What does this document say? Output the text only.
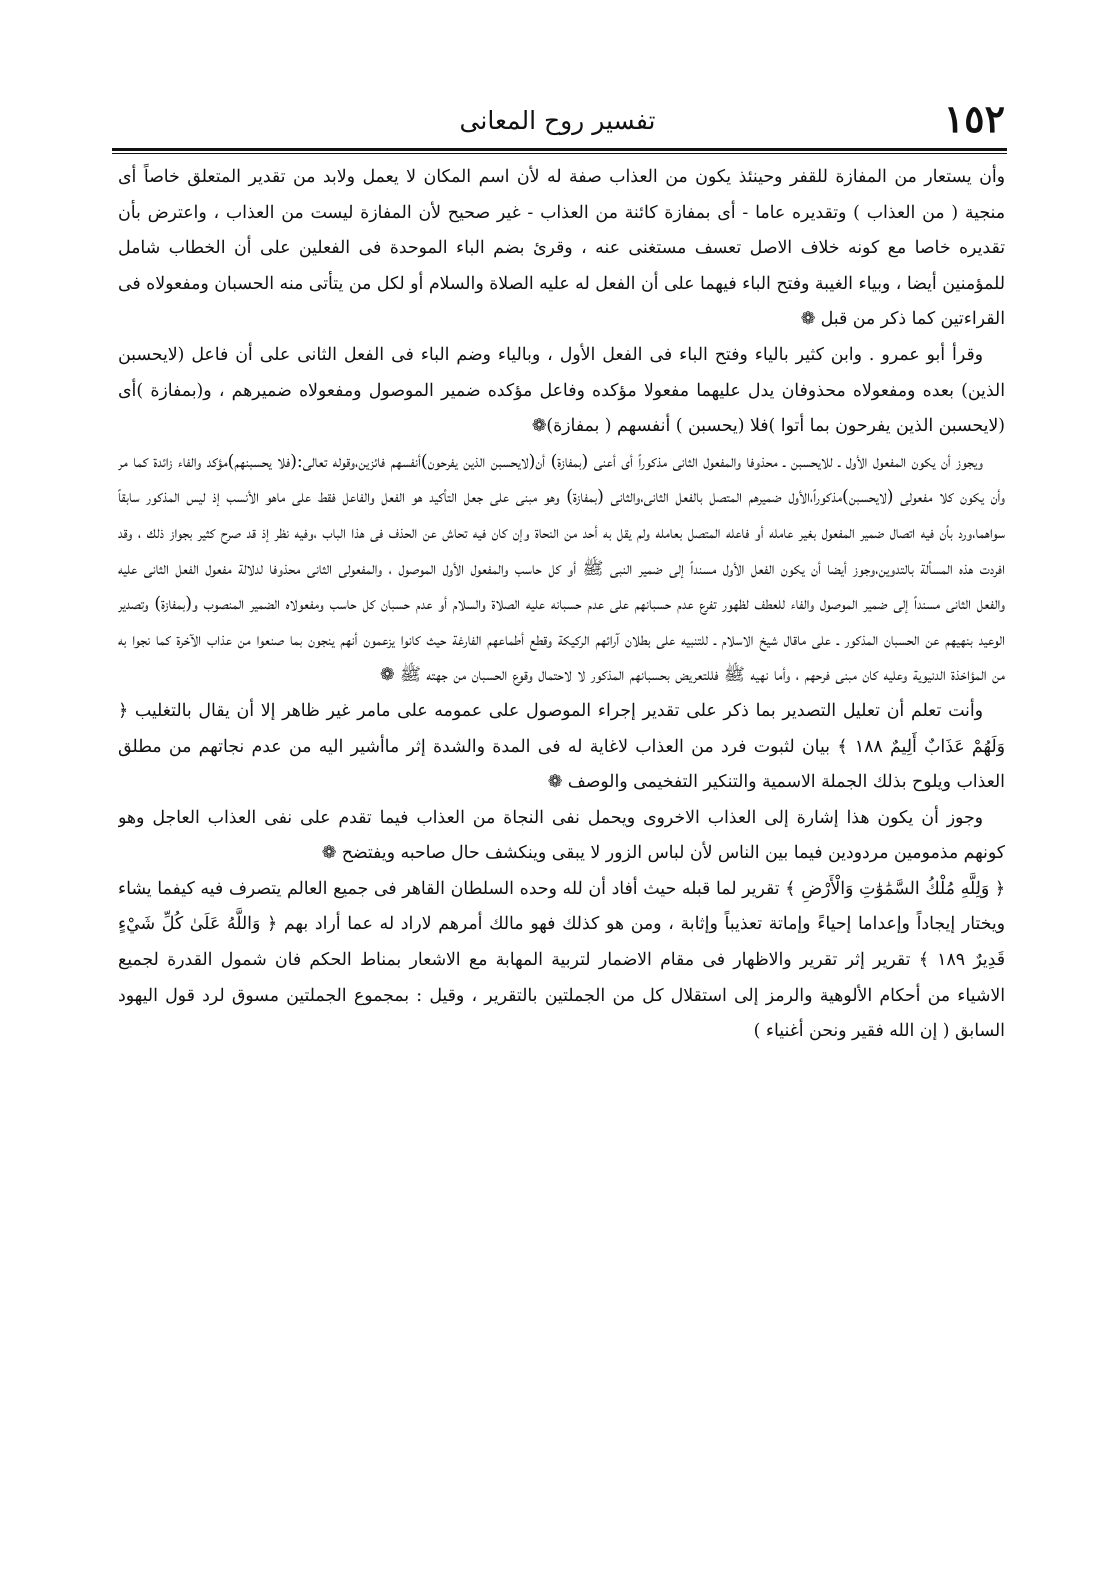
١٥٢
تفسير روح المعانى

وأن يستعار من المفازة للقفر وحينئذ يكون من العذاب صفة له لأن اسم المكان لا يعمل ولابد من تقدير المتعلق خاصاً أى منجية ( من العذاب ) وتقديره عاما - أى بمفازة كائنة من العذاب - غير صحيح لأن المفازة ليست من العذاب ، واعترض بأن تقديره خاصا مع كونه خلاف الاصل تعسف مستغنى عنه ، وقرئ بضم الباء الموحدة فى الفعلين على أن الخطاب شامل للمؤمنين أيضا ، وبياء الغيبة وفتح الباء فيهما على أن الفعل له عليه الصلاة والسلام أو لكل من يتأتى منه الحسبان ومفعولاه فى القراءتين كما ذكر من قبل ❁

وقرأ أبو عمرو . وابن كثير بالياء وفتح الباء فى الفعل الأول ، وبالياء وضم الباء فى الفعل الثانى على أن فاعل (لايحسبن الذين) بعده ومفعولاه محذوفان يدل عليهما مفعولا مؤكده وفاعل مؤكده ضمير الموصول ومفعولاه ضميرهم ، و(بمفازة )أى (لايحسبن الذين يفرحون بما أتوا )فلا (يحسبن ) أنفسهم ( بمفازة)❁

ويجوز أن يكون المفعول الأول ـ للايحسبن ـ محذوفا والمفعول الثانى مذكوراً أى أعنى (بمفازة) أن(لايحسبن الذين يفرحون)أنفسهم فائزين،وقوله تعالى:(فلا يحسبنهم)مؤكد والفاء زائدة كما مر وأن يكون كلا مفعولى (لايحسبن)مذكوراً،الأول ضميرهم المتصل بالفعل الثانى،والثانى (بمفازة) وهو مبنى على جعل التأكيد هو الفعل والفاعل فقط على ماهو الأنسب إذ ليس المذكور سابقاً سواهما،ورد بأن فيه اتصال ضمير المفعول بغير عامله أو فاعله المتصل بعامله ولم يقل به أحد من النحاة وإن كان فيه تحاش عن الحذف فى هذا الباب ،وفيه نظر إذ قد صرح كثير بجواز ذلك ، وقد افردت هذه المسألة بالتدوين،وجوز أيضا أن يكون الفعل الأول مسنداً إلى ضمير النبى ﷺ أو كل حاسب والمفعول الأول الموصول ، والمفعولى الثانى محذوفا لدلالة مفعول الفعل الثانى عليه والفعل الثانى مسنداً إلى ضمير الموصول والفاء للعطف لظهور تفرع عدم حسبانهم على عدم حسبانه عليه الصلاة والسلام أو عدم حسبان كل حاسب ومفعولاه الضمير المنصوب و(بمفازة) وتصدير الوعيد بنهيهم عن الحسبان المذكور ـ على ماقال شيخ الاسلام ـ للتنبيه على بطلان آرائهم الركيكة وقطع أطماعهم الفارغة حيث كانوا يزعمون أنهم ينجون بما صنعوا من عذاب الآخرة كما نجوا به من المؤاخذة الدنيوية وعليه كان مبنى فرحهم ، وأما نهيه ﷺ فللتعريض بحسبانهم المذكور لا لاحتمال وقوع الحسبان من جهته ﷺ ❁

وأنت تعلم أن تعليل التصدير بما ذكر على تقدير إجراء الموصول على عمومه على مامر غير ظاهر إلا أن يقال بالتغليب ﴿ وَلَهُمْ عَذَابٌ أَلِيمٌ ١٨٨ ﴾ بيان لثبوت فرد من العذاب لاغاية له فى المدة والشدة إثر ماأشير اليه من عدم نجاتهم من مطلق العذاب ويلوح بذلك الجملة الاسمية والتنكير التفخيمى والوصف ❁

وجوز أن يكون هذا إشارة إلى العذاب الاخروى ويحمل نفى النجاة من العذاب فيما تقدم على نفى العذاب العاجل وهو كونهم مذمومين مردودين فيما بين الناس لأن لباس الزور لا يبقى وينكشف حال صاحبه ويفتضح ❁

﴿ وَلِلَّهِ مُلْكُ السَّمَٰوَٰتِ وَالْأَرْضِ ﴾ تقرير لما قبله حيث أفاد أن لله وحده السلطان القاهر فى جميع العالم يتصرف فيه كيفما يشاء ويختار إيجاداً وإعداما إحياءً وإماتة تعذيباً وإثابة ، ومن هو كذلك فهو مالك أمرهم لاراد له عما أراد بهم ﴿ وَاللَّهُ عَلَىٰ كُلِّ شَيْءٍ قَدِيرٌ ١٨٩ ﴾ تقرير إثر تقرير والاظهار فى مقام الاضمار لتربية المهابة مع الاشعار بمناط الحكم فان شمول القدرة لجميع الاشياء من أحكام الألوهية والرمز إلى استقلال كل من الجملتين بالتقرير ، وقيل : بمجموع الجملتين مسوق لرد قول اليهود السابق ( إن الله فقير ونحن أغنياء )
